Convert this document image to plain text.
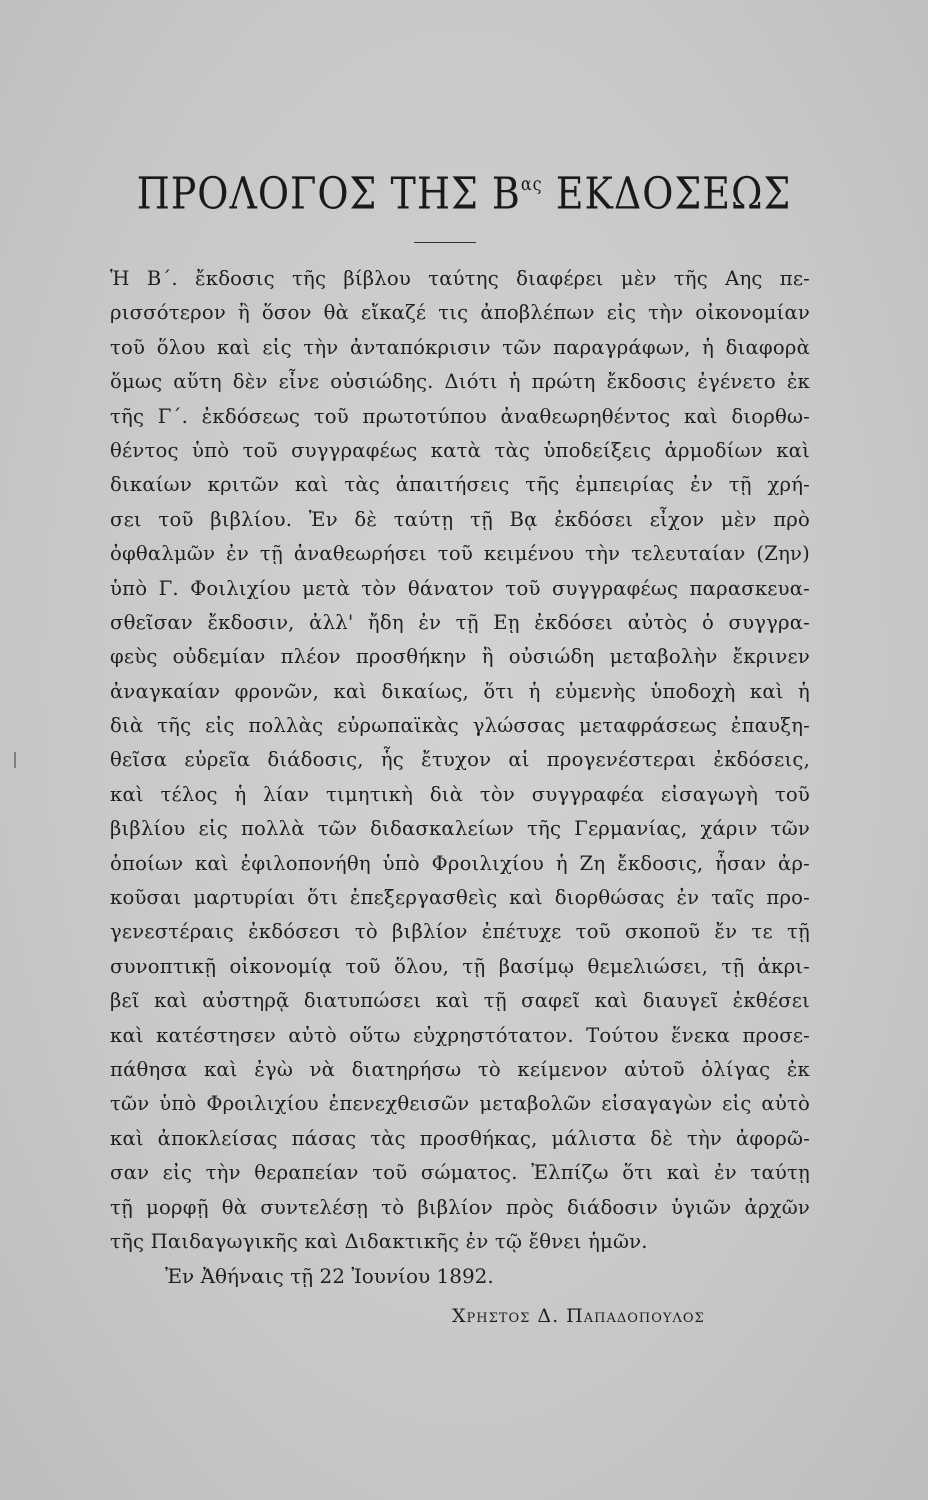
ΠΡΟΛΟΓΟΣ ΤΗΣ $B^{\alpha\varsigma}$ ΕΚΔΟΣΕΩΣ
Ἡ Β΄. ἔκδοσις τῆς βίβλου ταύτης διαφέρει μὲν τῆς Αης πε-
ρισσότερον ἢ ὅσον θὰ εἴκαζέ τις ἀποβλέπων εἰς τὴν οἰκονομίαν
τοῦ ὅλου καὶ εἰς τὴν ἀνταπόκρισιν τῶν παραγράφων, ἡ διαφορὰ
ὅμως αὕτη δὲν εἶνε οὐσιώδης. Διότι ἡ πρώτη ἔκδοσις ἐγένετο ἐκ
τῆς Γ΄. ἐκδόσεως τοῦ πρωτοτύπου ἀναθεωρηθέντος καὶ διορθω-
θέντος ὑπὸ τοῦ συγγραφέως κατὰ τὰς ὑποδείξεις ἁρμοδίων καὶ
δικαίων κριτῶν καὶ τὰς ἀπαιτήσεις τῆς ἐμπειρίας ἐν τῇ χρή-
σει τοῦ βιβλίου. Ἐν δὲ ταύτῃ τῇ Βᾳ ἐκδόσει εἶχον μὲν πρὸ
ὀφθαλμῶν ἐν τῇ ἀναθεωρήσει τοῦ κειμένου τὴν τελευταίαν (Ζην)
ὑπὸ Γ. Φοιλιχίου μετὰ τὸν θάνατον τοῦ συγγραφέως παρασκευα-
σθεῖσαν ἔκδοσιν, ἀλλ' ἤδη ἐν τῇ Εῃ ἐκδόσει αὐτὸς ὁ συγγρα-
φεὺς οὐδεμίαν πλέον προσθήκην ἢ οὐσιώδη μεταβολὴν ἔκρινεν
ἀναγκαίαν φρονῶν, καὶ δικαίως, ὅτι ἡ εὐμενὴς ὑποδοχὴ καὶ ἡ
διὰ τῆς εἰς πολλὰς εὐρωπαϊκὰς γλώσσας μεταφράσεως ἐπαυξη-
θεῖσα εὐρεῖα διάδοσις, ἧς ἔτυχον αἱ προγενέστεραι ἐκδόσεις,
καὶ τέλος ἡ λίαν τιμητικὴ διὰ τὸν συγγραφέα εἰσαγωγὴ τοῦ
βιβλίου εἰς πολλὰ τῶν διδασκαλείων τῆς Γερμανίας, χάριν τῶν
ὁποίων καὶ ἐφιλοπονήθη ὑπὸ Φροιλιχίου ἡ Ζη ἔκδοσις, ἦσαν ἀρ-
κοῦσαι μαρτυρίαι ὅτι ἐπεξεργασθεὶς καὶ διορθώσας ἐν ταῖς προ-
γενεστέραις ἐκδόσεσι τὸ βιβλίον ἐπέτυχε τοῦ σκοποῦ ἔν τε τῇ
συνοπτικῇ οἰκονομίᾳ τοῦ ὅλου, τῇ βασίμῳ θεμελιώσει, τῇ ἀκρι-
βεῖ καὶ αὐστηρᾷ διατυπώσει καὶ τῇ σαφεῖ καὶ διαυγεῖ ἐκθέσει
καὶ κατέστησεν αὐτὸ οὕτω εὐχρηστότατον. Τούτου ἕνεκα προσε-
πάθησα καὶ ἐγὼ νὰ διατηρήσω τὸ κείμενον αὐτοῦ ὀλίγας ἐκ
τῶν ὑπὸ Φροιλιχίου ἐπενεχθεισῶν μεταβολῶν εἰσαγαγὼν εἰς αὐτὸ
καὶ ἀποκλείσας πάσας τὰς προσθήκας, μάλιστα δὲ τὴν ἀφορῶ-
σαν εἰς τὴν θεραπείαν τοῦ σώματος. Ἐλπίζω ὅτι καὶ ἐν ταύτῃ
τῇ μορφῇ θὰ συντελέσῃ τὸ βιβλίον πρὸς διάδοσιν ὑγιῶν ἀρχῶν
τῆς Παιδαγωγικῆς καὶ Διδακτικῆς ἐν τῷ ἔθνει ἡμῶν.
Ἐν Ἀθήναις τῇ 22 Ἰουνίου 1892.
Χρηστος Δ. Παπαδοπουλος
